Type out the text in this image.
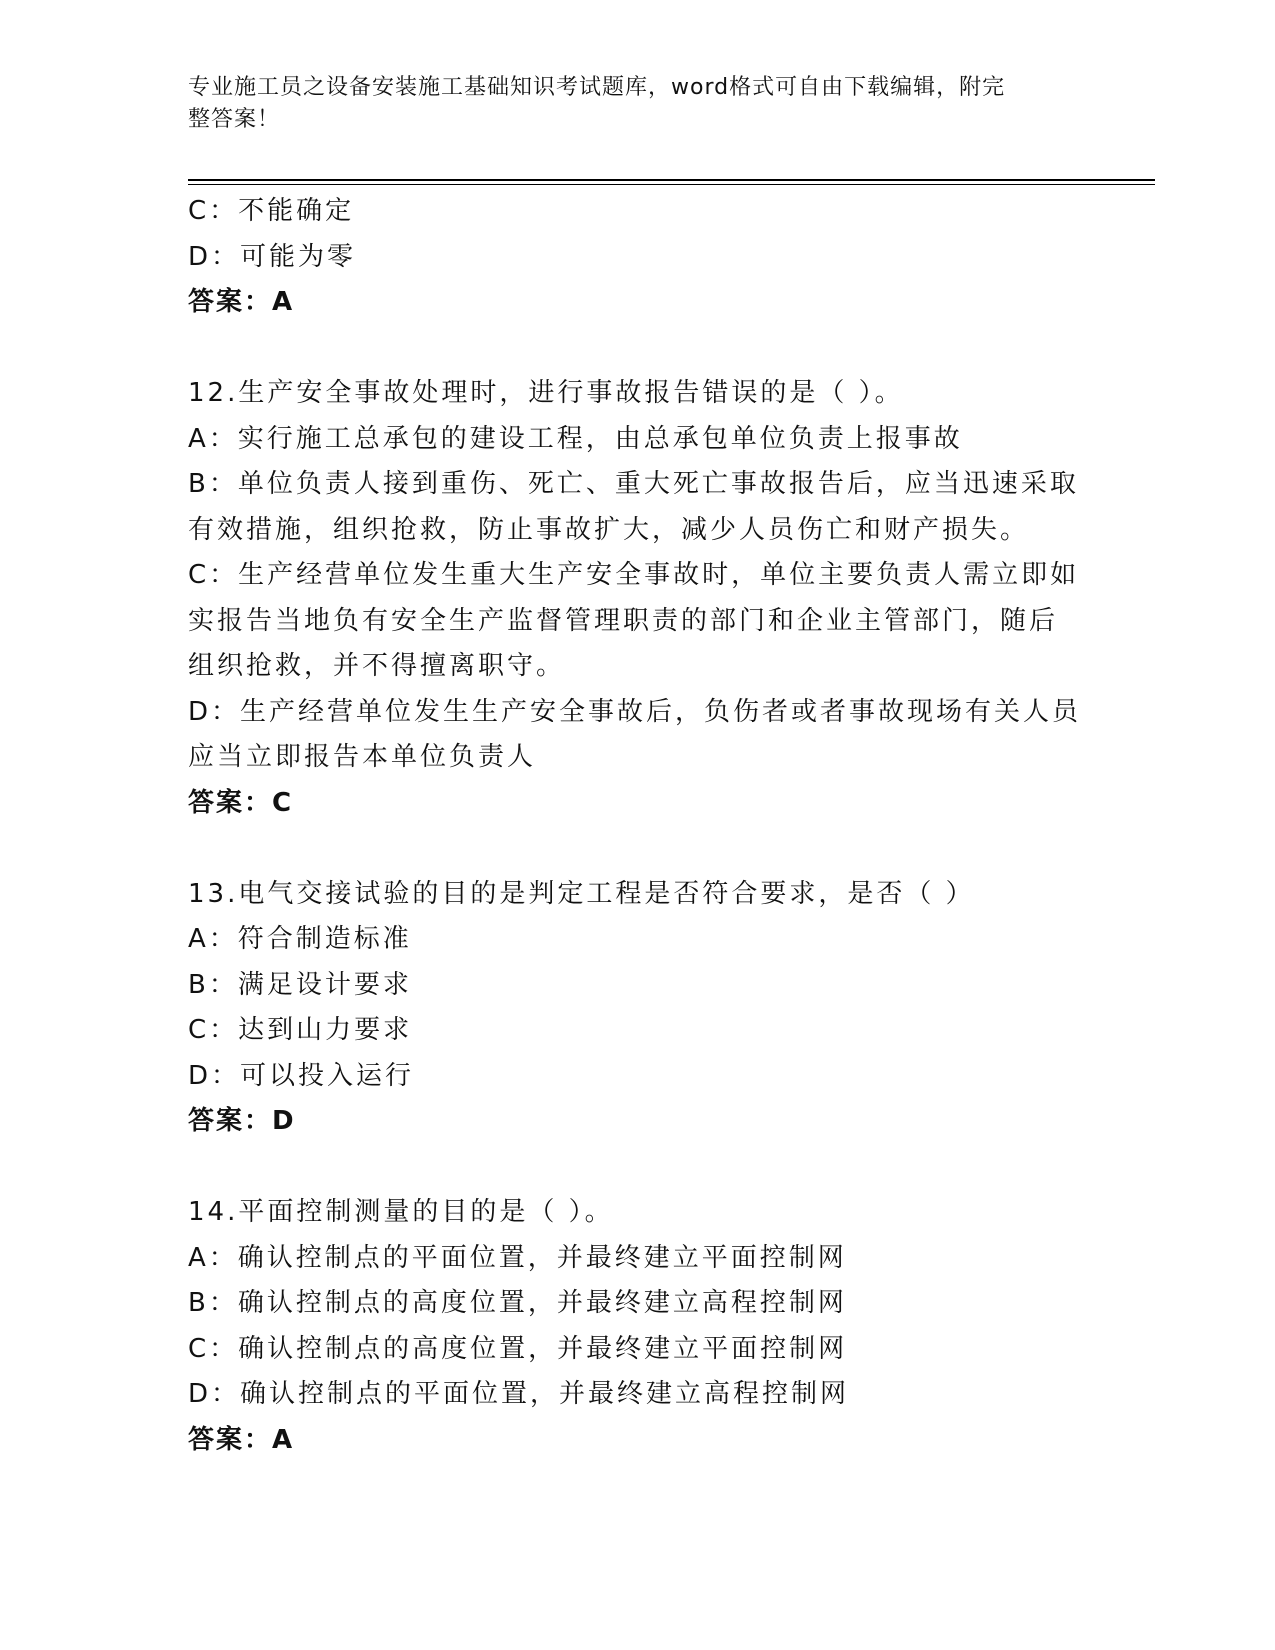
专业施工员之设备安装施工基础知识考试题库，word格式可自由下载编辑，附完
整答案！
C：不能确定
D：可能为零
答案：A
12.生产安全事故处理时，进行事故报告错误的是（ ）。
A：实行施工总承包的建设工程，由总承包单位负责上报事故
B：单位负责人接到重伤、死亡、重大死亡事故报告后，应当迅速采取
有效措施，组织抢救，防止事故扩大，减少人员伤亡和财产损失。
C：生产经营单位发生重大生产安全事故时，单位主要负责人需立即如
实报告当地负有安全生产监督管理职责的部门和企业主管部门，随后
组织抢救，并不得擅离职守。
D：生产经营单位发生生产安全事故后，负伤者或者事故现场有关人员
应当立即报告本单位负责人
答案：C
13.电气交接试验的目的是判定工程是否符合要求，是否（ ）
A：符合制造标准
B：满足设计要求
C：达到山力要求
D：可以投入运行
答案：D
14.平面控制测量的目的是（ ）。
A：确认控制点的平面位置，并最终建立平面控制网
B：确认控制点的高度位置，并最终建立高程控制网
C：确认控制点的高度位置，并最终建立平面控制网
D：确认控制点的平面位置，并最终建立高程控制网
答案：A
